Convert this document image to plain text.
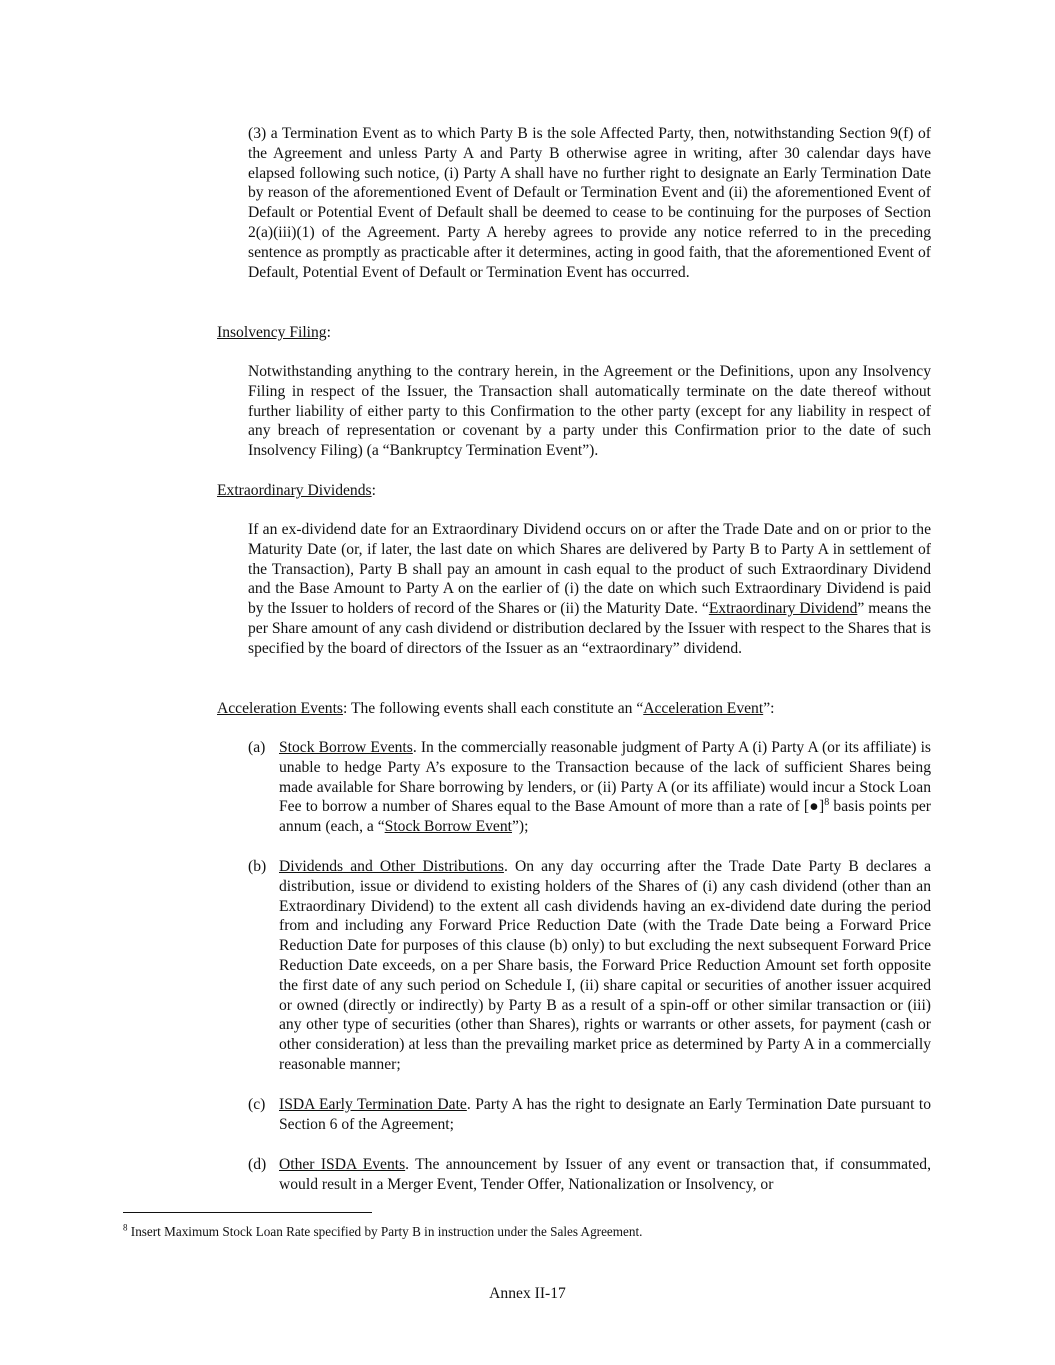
(3) a Termination Event as to which Party B is the sole Affected Party, then, notwithstanding Section 9(f) of the Agreement and unless Party A and Party B otherwise agree in writing, after 30 calendar days have elapsed following such notice, (i) Party A shall have no further right to designate an Early Termination Date by reason of the aforementioned Event of Default or Termination Event and (ii) the aforementioned Event of Default or Potential Event of Default shall be deemed to cease to be continuing for the purposes of Section 2(a)(iii)(1) of the Agreement. Party A hereby agrees to provide any notice referred to in the preceding sentence as promptly as practicable after it determines, acting in good faith, that the aforementioned Event of Default, Potential Event of Default or Termination Event has occurred.

Insolvency Filing:

Notwithstanding anything to the contrary herein, in the Agreement or the Definitions, upon any Insolvency Filing in respect of the Issuer, the Transaction shall automatically terminate on the date thereof without further liability of either party to this Confirmation to the other party (except for any liability in respect of any breach of representation or covenant by a party under this Confirmation prior to the date of such Insolvency Filing) (a “Bankruptcy Termination Event”).

Extraordinary Dividends:

If an ex-dividend date for an Extraordinary Dividend occurs on or after the Trade Date and on or prior to the Maturity Date (or, if later, the last date on which Shares are delivered by Party B to Party A in settlement of the Transaction), Party B shall pay an amount in cash equal to the product of such Extraordinary Dividend and the Base Amount to Party A on the earlier of (i) the date on which such Extraordinary Dividend is paid by the Issuer to holders of record of the Shares or (ii) the Maturity Date. “Extraordinary Dividend” means the per Share amount of any cash dividend or distribution declared by the Issuer with respect to the Shares that is specified by the board of directors of the Issuer as an “extraordinary” dividend.

Acceleration Events: The following events shall each constitute an “Acceleration Event”:
(a) Stock Borrow Events. In the commercially reasonable judgment of Party A (i) Party A (or its affiliate) is unable to hedge Party A’s exposure to the Transaction because of the lack of sufficient Shares being made available for Share borrowing by lenders, or (ii) Party A (or its affiliate) would incur a Stock Loan Fee to borrow a number of Shares equal to the Base Amount of more than a rate of [●]$^8$ basis points per annum (each, a “Stock Borrow Event”);
(b) Dividends and Other Distributions. On any day occurring after the Trade Date Party B declares a distribution, issue or dividend to existing holders of the Shares of (i) any cash dividend (other than an Extraordinary Dividend) to the extent all cash dividends having an ex-dividend date during the period from and including any Forward Price Reduction Date (with the Trade Date being a Forward Price Reduction Date for purposes of this clause (b) only) to but excluding the next subsequent Forward Price Reduction Date exceeds, on a per Share basis, the Forward Price Reduction Amount set forth opposite the first date of any such period on Schedule I, (ii) share capital or securities of another issuer acquired or owned (directly or indirectly) by Party B as a result of a spin-off or other similar transaction or (iii) any other type of securities (other than Shares), rights or warrants or other assets, for payment (cash or other consideration) at less than the prevailing market price as determined by Party A in a commercially reasonable manner;
(c) ISDA Early Termination Date. Party A has the right to designate an Early Termination Date pursuant to Section 6 of the Agreement;
(d) Other ISDA Events. The announcement by Issuer of any event or transaction that, if consummated, would result in a Merger Event, Tender Offer, Nationalization or Insolvency, or
$^8$ Insert Maximum Stock Loan Rate specified by Party B in instruction under the Sales Agreement.
Annex II-17
